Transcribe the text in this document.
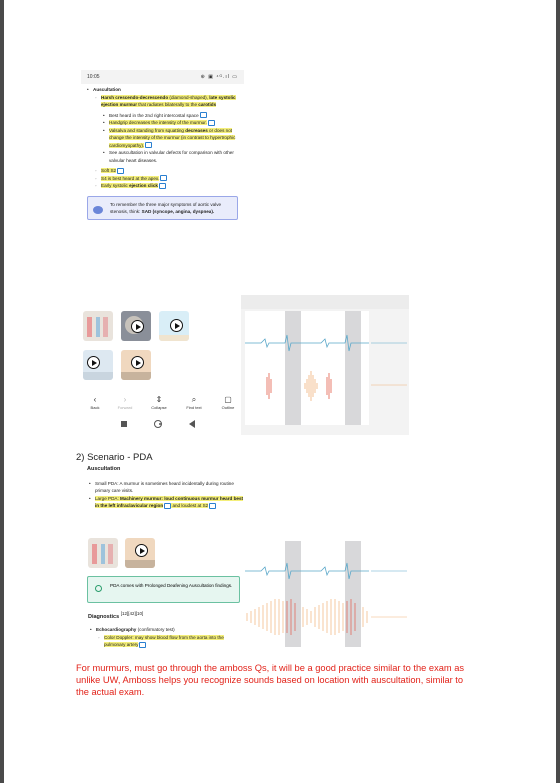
10:05	⊕ ▣ ⁴ᴳ.ıl ▭
• Auscultation
◦ Harsh crescendo-decrescendo (diamond-shaped), late systolic ejection murmur that radiates bilaterally to the carotids
• Best heard in the 2nd right intercostal space
• Handgrip decreases the intensity of the murmur.
• Valsalva and standing from squatting decreases or does not change the intensity of the murmur (in contrast to hypertrophic cardiomyopathy).
• See auscultation in valvular defects for comparison with other valvular heart diseases.
◦ Soft S2
◦ S4 is best heard at the apex.
◦ Early systolic ejection click
To remember the three major symptoms of aortic valve stenosis, think: SAD (syncope, angina, dyspnea).
‹
Back
›
Forward
⇕
Collapse
⌕
Find text
▢
Outline
2) Scenario - PDA
Auscultation
• Small PDA: A murmur is sometimes heard incidentally during routine primary care visits.
• Large PDA: Machinery murmur: loud continuous murmur heard best in the left infraclavicular region and loudest at S2
PDA comes with Prolonged Deafening Auscultation findings.
Diagnostics [12][42][10]
• Echocardiography (confirmatory test)
◦ Color Doppler: may show blood flow from the aorta into the pulmonary artery
For murmurs, must go through the amboss Qs, it will be a good practice similar to the exam as unlike UW, Amboss helps you recognize sounds based on location with auscultation, similar to the actual exam.
